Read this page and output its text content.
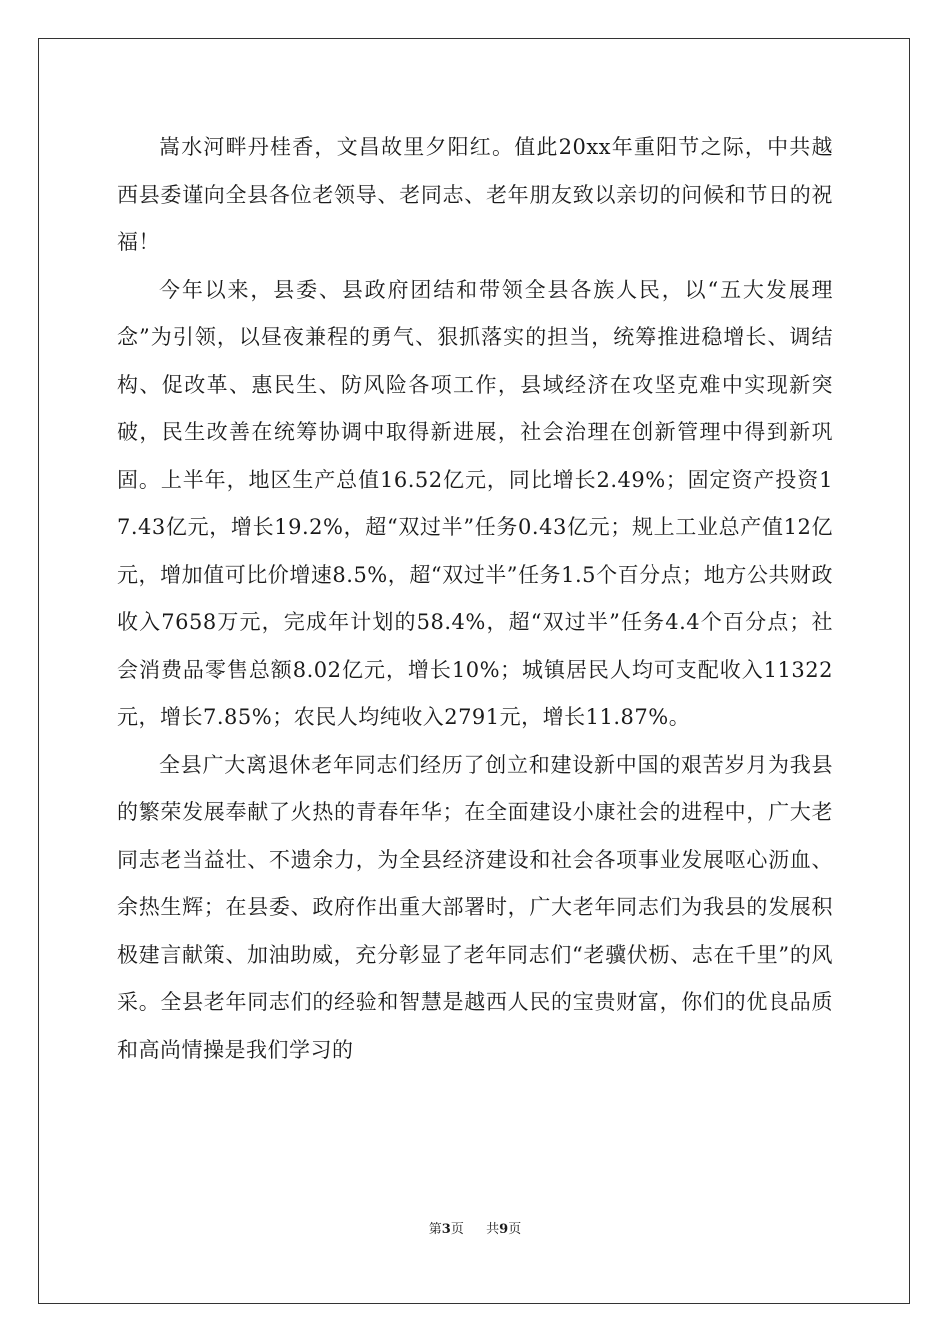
嵩水河畔丹桂香，文昌故里夕阳红。值此20xx年重阳节之际，中共越西县委谨向全县各位老领导、老同志、老年朋友致以亲切的问候和节日的祝福！

今年以来，县委、县政府团结和带领全县各族人民，以“五大发展理念”为引领，以昼夜兼程的勇气、狠抓落实的担当，统筹推进稳增长、调结构、促改革、惠民生、防风险各项工作，县域经济在攻坚克难中实现新突破，民生改善在统筹协调中取得新进展，社会治理在创新管理中得到新巩固。上半年，地区生产总值16.52亿元，同比增长2.49%；固定资产投资17.43亿元，增长19.2%，超“双过半”任务0.43亿元；规上工业总产值12亿元，增加值可比价增速8.5%，超“双过半”任务1.5个百分点；地方公共财政收入7658万元，完成年计划的58.4%，超“双过半”任务4.4个百分点；社会消费品零售总额8.02亿元，增长10%；城镇居民人均可支配收入11322元，增长7.85%；农民人均纯收入2791元，增长11.87%。

全县广大离退休老年同志们经历了创立和建设新中国的艰苦岁月为我县的繁荣发展奉献了火热的青春年华；在全面建设小康社会的进程中，广大老同志老当益壮、不遗余力，为全县经济建设和社会各项事业发展呕心沥血、余热生辉；在县委、政府作出重大部署时，广大老年同志们为我县的发展积极建言献策、加油助威，充分彰显了老年同志们“老骥伏枥、志在千里”的风采。全县老年同志们的经验和智慧是越西人民的宝贵财富，你们的优良品质和高尚情操是我们学习的

第3页 共9页
